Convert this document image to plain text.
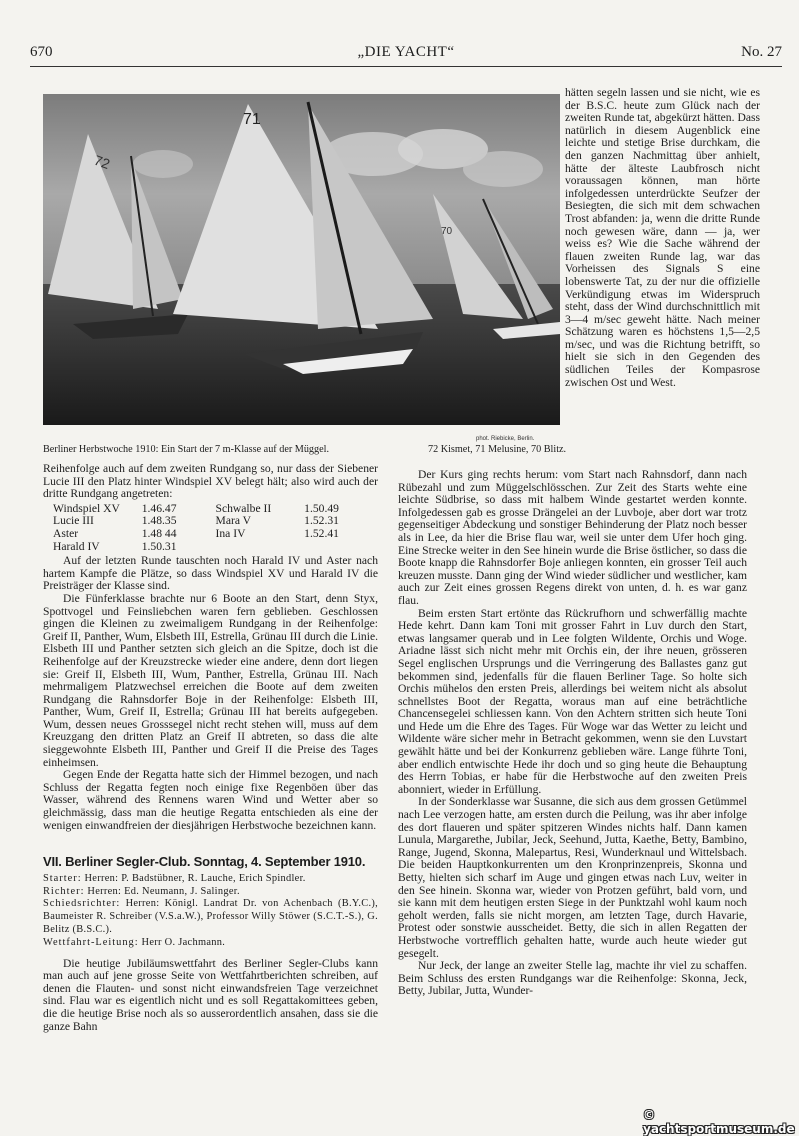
670	„DIE YACHT“	No. 27
72
71
70
phot. Riebicke, Berlin.
Berliner Herbstwoche 1910: Ein Start der 7 m-Klasse auf der Müggel.	72 Kismet, 71 Melusine, 70 Blitz.

hätten segeln lassen und sie nicht, wie es der B.S.C. heute zum Glück nach der zweiten Runde tat, abgekürzt hätten. Dass natürlich in diesem Augenblick eine leichte und stetige Brise durchkam, die den ganzen Nachmittag über anhielt, hätte der älteste Laubfrosch nicht voraussagen können, man hörte infolgedessen unterdrückte Seufzer der Besiegten, die sich mit dem schwachen Trost abfanden: ja, wenn die dritte Runde noch gewesen wäre, dann — ja, wer weiss es? Wie die Sache während der flauen zweiten Runde lag, war das Vorheissen des Signals S eine lobenswerte Tat, zu der nur die offizielle Verkündigung etwas im Widerspruch steht, dass der Wind durchschnittlich mit 3—4 m/sec geweht hätte. Nach meiner Schätzung waren es höchstens 1,5—2,5 m/sec, und was die Richtung betrifft, so hielt sie sich in den Gegenden des südlichen Teiles der Kompasrose zwischen Ost und West.

Reihenfolge auch auf dem zweiten Rundgang so, nur dass der Siebener Lucie III den Platz hinter Windspiel XV belegt hält; also wird auch der dritte Rundgang angetreten:

Windspiel XV	1.46.47	Schwalbe II	1.50.49
Lucie III	1.48.35	Mara V	1.52.31
Aster	1.48 44	Ina IV	1.52.41
Harald IV	1.50.31		

Auf der letzten Runde tauschten noch Harald IV und Aster nach hartem Kampfe die Plätze, so dass Windspiel XV und Harald IV die Preisträger der Klasse sind.

Die Fünferklasse brachte nur 6 Boote an den Start, denn Styx, Spottvogel und Feinsliebchen waren fern geblieben. Geschlossen gingen die Kleinen zu zweimaligem Rundgang in der Reihenfolge: Greif II, Panther, Wum, Elsbeth III, Estrella, Grünau III durch die Linie. Elsbeth III und Panther setzten sich gleich an die Spitze, doch ist die Reihenfolge auf der Kreuzstrecke wieder eine andere, denn dort liegen sie: Greif II, Elsbeth III, Wum, Panther, Estrella, Grünau III. Nach mehrmaligem Platzwechsel erreichen die Boote auf dem zweiten Rundgang die Rahnsdorfer Boje in der Reihenfolge: Elsbeth III, Panther, Wum, Greif II, Estrella; Grünau III hat bereits aufgegeben. Wum, dessen neues Grosssegel nicht recht stehen will, muss auf dem Kreuzgang den dritten Platz an Greif II abtreten, so dass die alte sieggewohnte Elsbeth III, Panther und Greif II die Preise des Tages einheimsen.

Gegen Ende der Regatta hatte sich der Himmel bezogen, und nach Schluss der Regatta fegten noch einige fixe Regenböen über das Wasser, während des Rennens waren Wind und Wetter aber so gleichmässig, dass man die heutige Regatta entschieden als eine der wenigen einwandfreien der diesjährigen Herbstwoche bezeichnen kann.

VII. Berliner Segler-Club. Sonntag, 4. September 1910.
Starter: Herren: P. Badstübner, R. Lauche, Erich Spindler.
Richter: Herren: Ed. Neumann, J. Salinger.
Schiedsrichter: Herren: Königl. Landrat Dr. von Achenbach (B.Y.C.), Baumeister R. Schreiber (V.S.a.W.), Professor Willy Stöwer (S.C.T.-S.), G. Belitz (B.S.C.).
Wettfahrt-Leitung: Herr O. Jachmann.

Die heutige Jubiläumswettfahrt des Berliner Segler-Clubs kann man auch auf jene grosse Seite von Wettfahrtberichten schreiben, auf denen die Flauten- und sonst nicht einwandsfreien Tage verzeichnet sind. Flau war es eigentlich nicht und es soll Regattakomittees geben, die die heutige Brise noch als so ausserordentlich ansahen, dass sie die ganze Bahn

Der Kurs ging rechts herum: vom Start nach Rahnsdorf, dann nach Rübezahl und zum Müggelschlösschen. Zur Zeit des Starts wehte eine leichte Südbrise, so dass mit halbem Winde gestartet werden konnte. Infolgedessen gab es grosse Drängelei an der Luvboje, aber dort war trotz gegenseitiger Abdeckung und sonstiger Behinderung der Platz noch besser als in Lee, da hier die Brise flau war, weil sie unter dem Ufer hoch ging. Eine Strecke weiter in den See hinein wurde die Brise östlicher, so dass die Boote knapp die Rahnsdorfer Boje anliegen konnten, ein grosser Teil auch kreuzen musste. Dann ging der Wind wieder südlicher und westlicher, kam auch zur Zeit eines grossen Regens direkt von unten, d. h. es war ganz flau.

Beim ersten Start ertönte das Rückrufhorn und schwerfällig machte Hede kehrt. Dann kam Toni mit grosser Fahrt in Luv durch den Start, etwas langsamer querab und in Lee folgten Wildente, Orchis und Woge. Ariadne lässt sich nicht mehr mit Orchis ein, der ihre neuen, grösseren Segel englischen Ursprungs und die Verringerung des Ballastes ganz gut bekommen sind, jedenfalls für die flauen Berliner Tage. So holte sich Orchis mühelos den ersten Preis, allerdings bei weitem nicht als absolut schnellstes Boot der Regatta, woraus man auf eine beträchtliche Chancensegelei schliessen kann. Von den Achtern stritten sich heute Toni und Hede um die Ehre des Tages. Für Woge war das Wetter zu leicht und Wildente wäre sicher mehr in Betracht gekommen, wenn sie den Luvstart gewählt hätte und bei der Konkurrenz geblieben wäre. Lange führte Toni, aber endlich entwischte Hede ihr doch und so ging heute die Behauptung des Herrn Tobias, er habe für die Herbstwoche auf den zweiten Preis abonniert, wieder in Erfüllung.

In der Sonderklasse war Susanne, die sich aus dem grossen Getümmel nach Lee verzogen hatte, am ersten durch die Peilung, was ihr aber infolge des dort flaueren und später spitzeren Windes nichts half. Dann kamen Lunula, Margarethe, Jubilar, Jeck, Seehund, Jutta, Kaethe, Betty, Bambino, Range, Jugend, Skonna, Malepartus, Resi, Wunderknaul und Wittelsbach. Die beiden Hauptkonkurrenten um den Kronprinzenpreis, Skonna und Betty, hielten sich scharf im Auge und gingen etwas nach Luv, weiter in den See hinein. Skonna war, wieder von Protzen geführt, bald vorn, und sie kann mit dem heutigen ersten Siege in der Punktzahl wohl kaum noch geholt werden, falls sie nicht morgen, am letzten Tage, durch Havarie, Protest oder sonstwie ausscheidet. Betty, die sich in allen Regatten der Herbstwoche vortrefflich gehalten hatte, wurde auch heute wieder gut gesegelt.

Nur Jeck, der lange an zweiter Stelle lag, machte ihr viel zu schaffen. Beim Schluss des ersten Rundgangs war die Reihenfolge: Skonna, Jeck, Betty, Jubilar, Jutta, Wunder-

© yachtsportmuseum.de
